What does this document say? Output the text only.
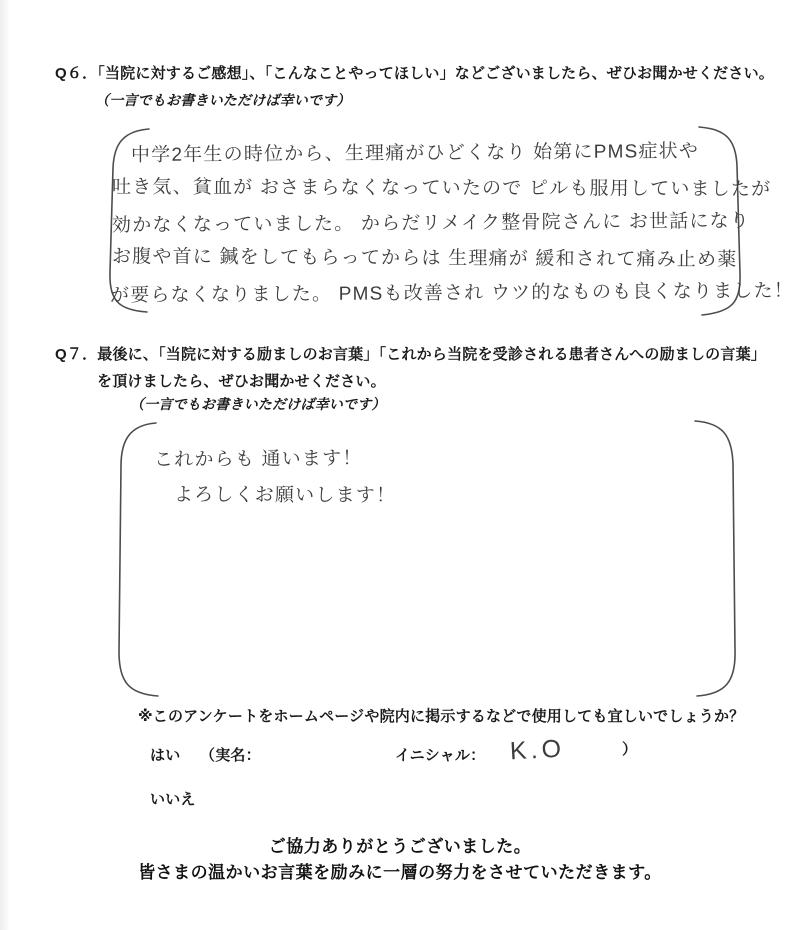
Q６．「当院に対するご感想」、「こんなことやってほしい」などございましたら、ぜひお聞かせください。
（一言でもお書きいただけば幸いです）
中学2年生の時位から、生理痛がひどくなり 始第にPMS症状や
吐き気、貧血が おさまらなくなっていたので ピルも服用していましたが
効かなくなっていました。 からだリメイク整骨院さんに お世話になり
お腹や首に 鍼をしてもらってからは 生理痛が 緩和されて痛み止め薬
が要らなくなりました。 PMSも改善され ウツ的なものも良くなりました！
Q７．最後に、「当院に対する励ましのお言葉」「これから当院を受診される患者さんへの励ましの言葉」
を頂けましたら、ぜひお聞かせください。
（一言でもお書きいただけば幸いです）
これからも 通います！
よろしくお願いします！
※このアンケートをホームページや院内に掲示するなどで使用しても宜しいでしょうか？
はい （実名：	イニシャル： K.O	）
いいえ
ご協力ありがとうございました。
皆さまの温かいお言葉を励みに一層の努力をさせていただきます。
